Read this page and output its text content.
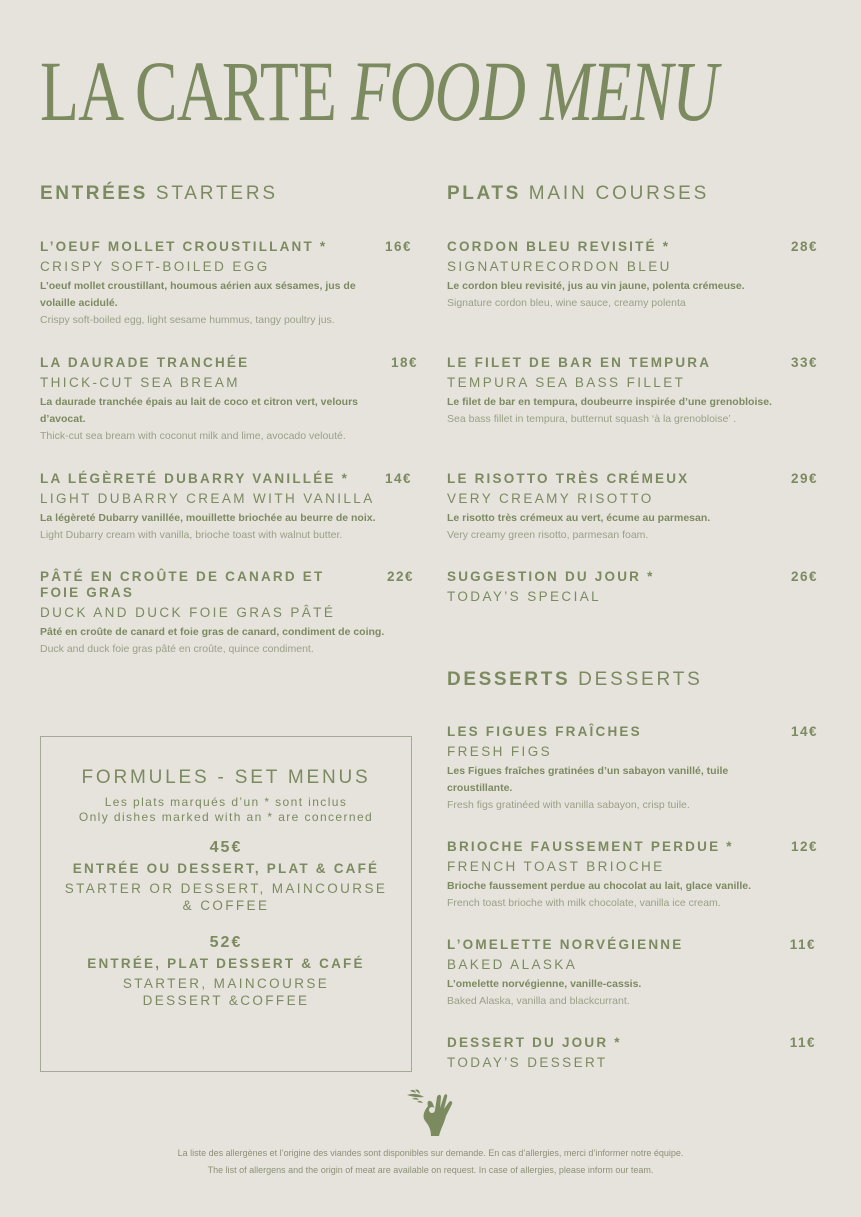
LA CARTE FOOD MENU
ENTRÉES STARTERS
L’OEUF MOLLET CROUSTILLANT *	16€
CRISPY SOFT-BOILED EGG
L’oeuf mollet croustillant, houmous aérien aux sésames, jus de volaille acidulé.
Crispy soft-boiled egg, light sesame hummus, tangy poultry jus.
LA DAURADE TRANCHÉE	18€
THICK-CUT SEA BREAM
La daurade tranchée épais au lait de coco et citron vert, velours d’avocat.
Thick-cut sea bream with coconut milk and lime, avocado velouté.
LA LÉGÈRETÉ DUBARRY VANILLÉE *	14€
LIGHT DUBARRY CREAM WITH VANILLA
La légèreté Dubarry vanillée, mouillette briochée au beurre de noix.
Light Dubarry cream with vanilla, brioche toast with walnut butter.
PÂTÉ EN CROÛTE DE CANARD ET FOIE GRAS
22€
DUCK AND DUCK FOIE GRAS PÂTÉ
Pâté en croûte de canard et foie gras de canard, condiment de coing.
Duck and duck foie gras pâté en croûte, quince condiment.
PLATS MAIN COURSES
CORDON BLEU REVISITÉ *	28€
SIGNATURECORDON BLEU
Le cordon bleu revisité, jus au vin jaune, polenta crémeuse.
Signature cordon bleu, wine sauce, creamy polenta
LE FILET DE BAR EN TEMPURA	33€
TEMPURA SEA BASS FILLET
Le filet de bar en tempura, doubeurre inspirée d’une grenobloise.
Sea bass fillet in tempura, butternut squash ‘à la grenobloise’ .
LE RISOTTO TRÈS CRÉMEUX	29€
VERY CREAMY RISOTTO
Le risotto très crémeux au vert, écume au parmesan.
Very creamy green risotto, parmesan foam.
SUGGESTION DU JOUR *	26€
TODAY’S SPECIAL
DESSERTS DESSERTS
LES FIGUES FRAÎCHES	14€
FRESH FIGS
Les Figues fraîches gratinées d’un sabayon vanillé, tuile croustillante.
Fresh figs gratinéed with vanilla sabayon, crisp tuile.
BRIOCHE FAUSSEMENT PERDUE *	12€
FRENCH TOAST BRIOCHE
Brioche faussement perdue au chocolat au lait, glace vanille.
French toast brioche with milk chocolate, vanilla ice cream.
L’OMELETTE NORVÉGIENNE	11€
BAKED ALASKA
L’omelette norvégienne, vanille-cassis.
Baked Alaska, vanilla and blackcurrant.
DESSERT DU JOUR *	11€
TODAY’S DESSERT
FORMULES - SET MENUS
Les plats marqués d’un * sont inclus
Only dishes marked with an * are concerned
45€
ENTRÉE OU DESSERT, PLAT & CAFÉ
STARTER OR DESSERT, MAINCOURSE
& COFFEE
52€
ENTRÉE, PLAT DESSERT & CAFÉ
STARTER, MAINCOURSE
DESSERT &COFFEE
La liste des allergènes et l’origine des viandes sont disponibles sur demande. En cas d’allergies, merci d’informer notre équipe.
The list of allergens and the origin of meat are available on request. In case of allergies, please inform our team.
